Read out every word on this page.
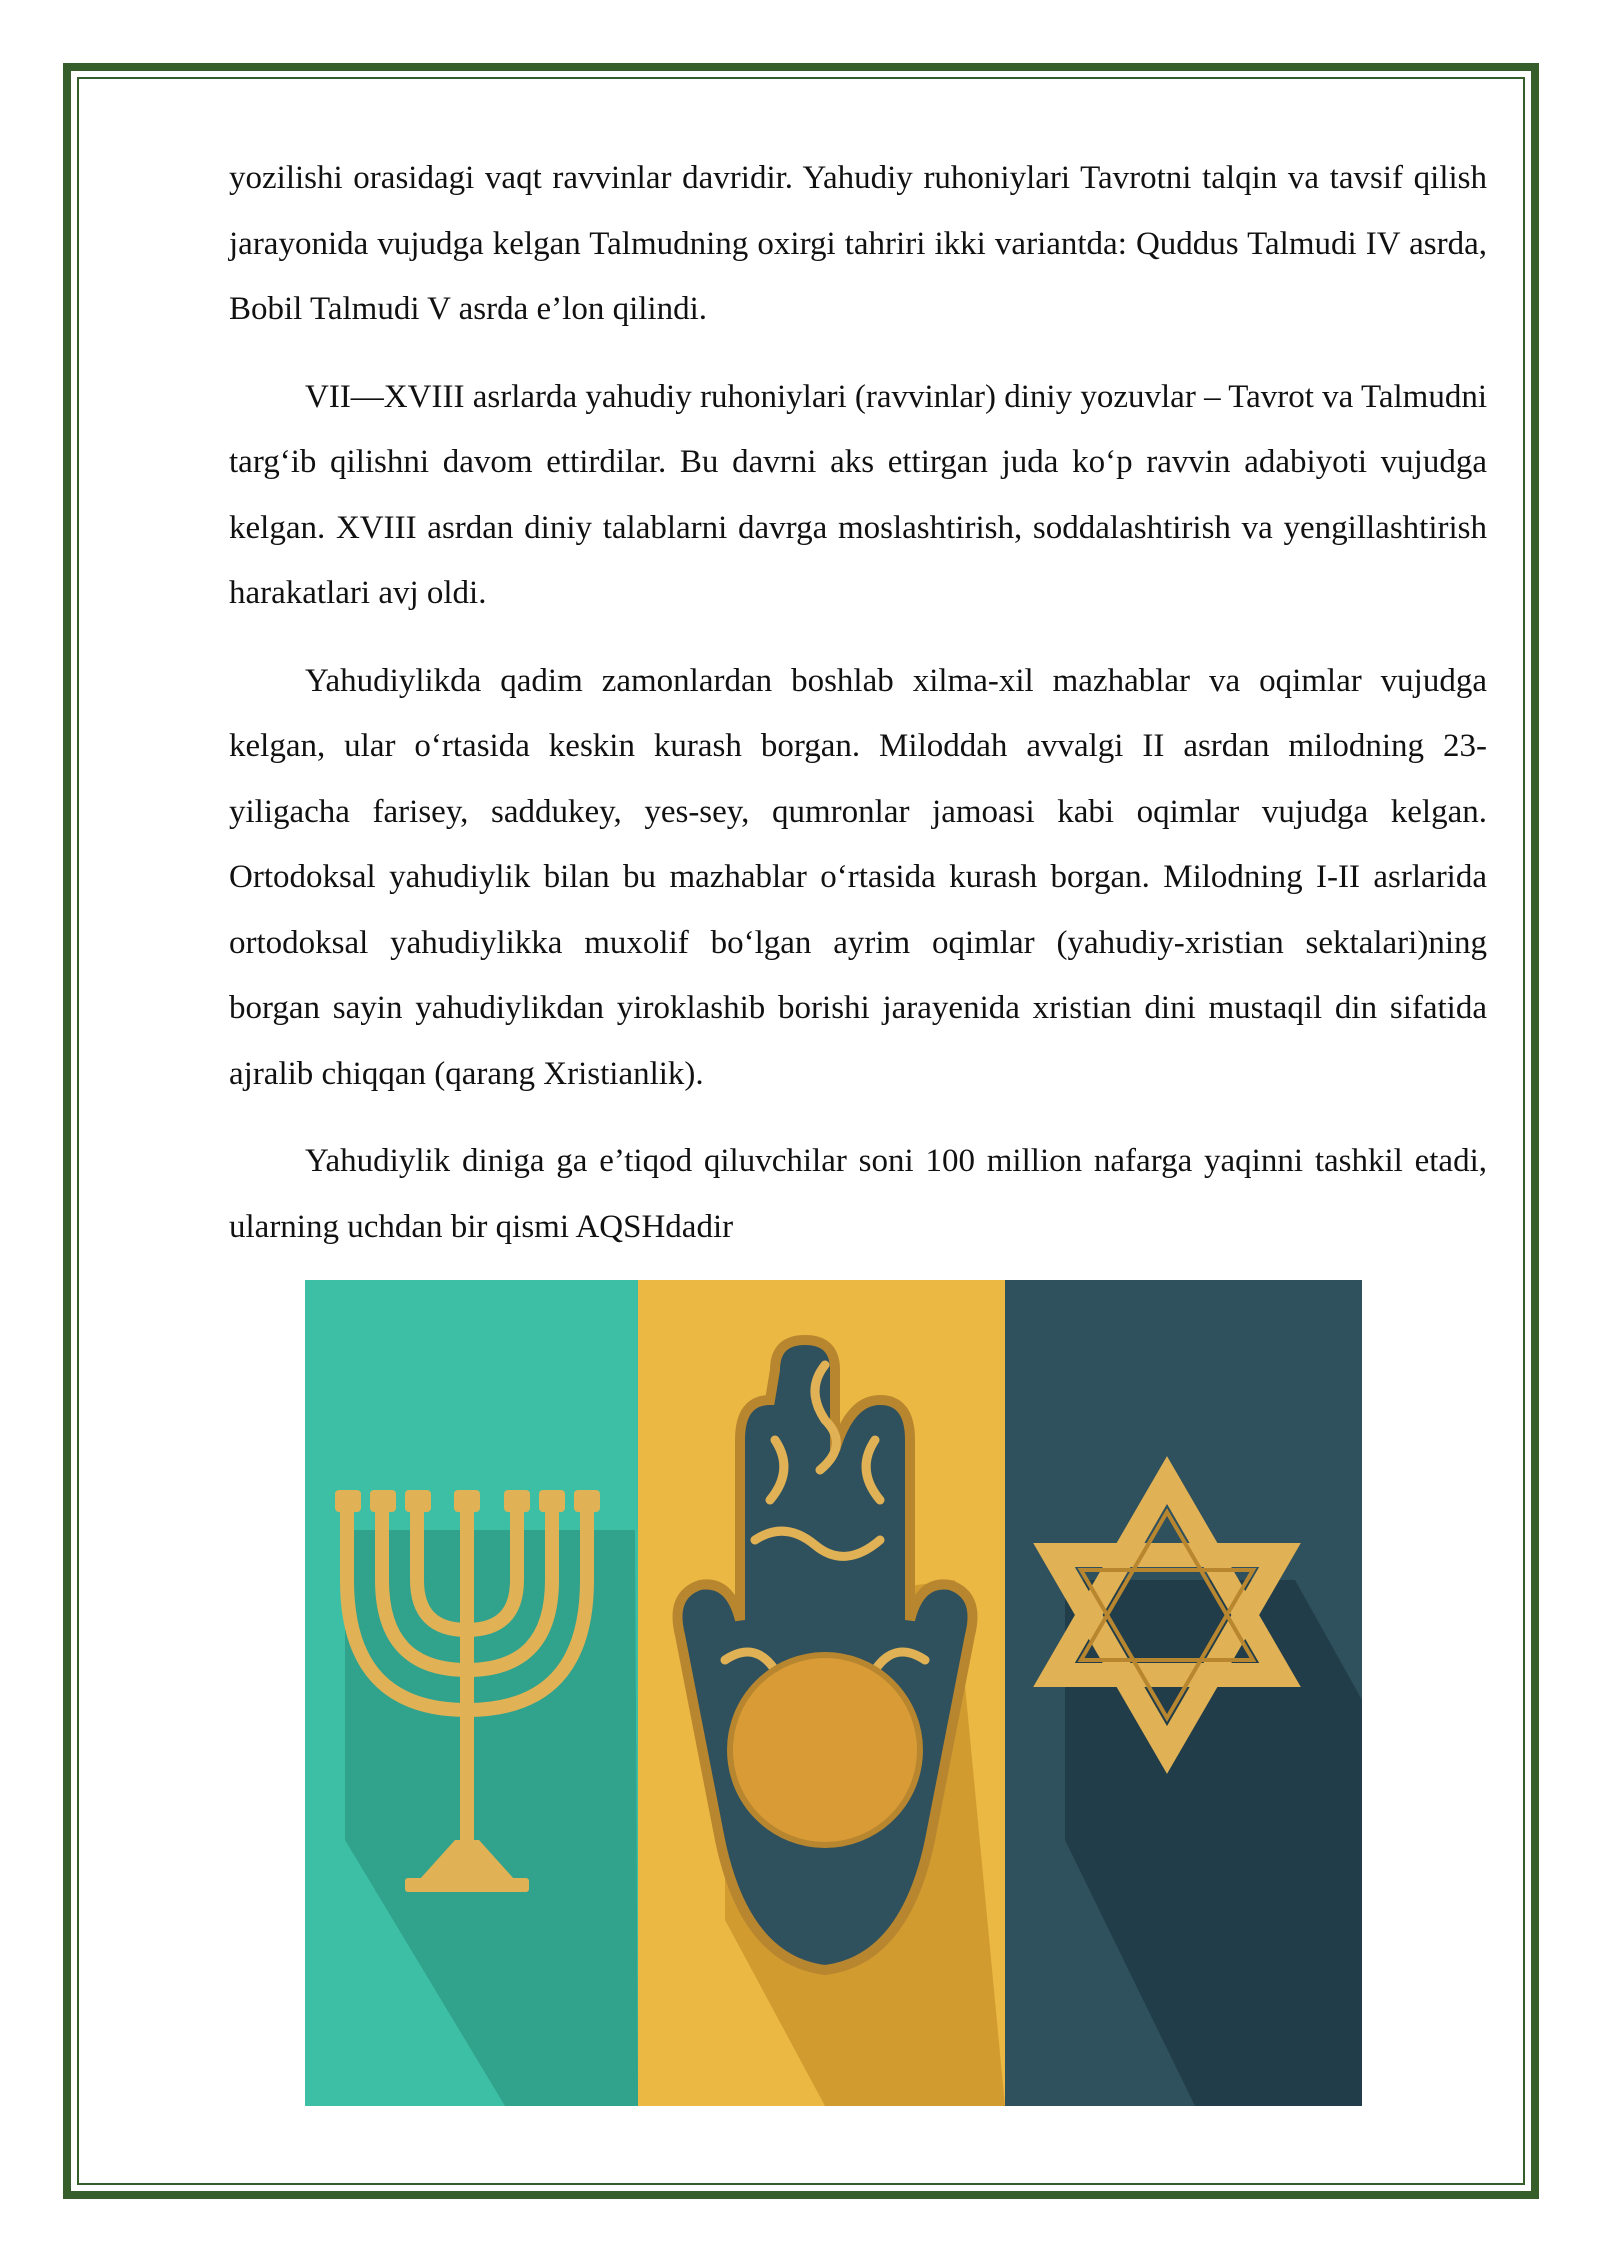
yozilishi orasidagi vaqt ravvinlar davridir. Yahudiy ruhoniylari Tavrotni talqin va tavsif qilish jarayonida vujudga kelgan Talmudning oxirgi tahriri ikki variantda: Quddus Talmudi IV asrda, Bobil Talmudi V asrda e’lon qilindi.

VII—XVIII asrlarda yahudiy ruhoniylari (ravvinlar) diniy yozuvlar – Tavrot va Talmudni targ‘ib qilishni davom ettirdilar. Bu davrni aks ettirgan juda ko‘p ravvin adabiyoti vujudga kelgan. XVIII asrdan diniy talablarni davrga moslashtirish, soddalashtirish va yengillashtirish harakatlari avj oldi.

Yahudiylikda qadim zamonlardan boshlab xilma-xil mazhablar va oqimlar vujudga kelgan, ular o‘rtasida keskin kurash borgan. Miloddah avvalgi II asrdan milodning 23-yiligacha farisey, saddukey, yes-sey, qumronlar jamoasi kabi oqimlar vujudga kelgan. Ortodoksal yahudiylik bilan bu mazhablar o‘rtasida kurash borgan. Milodning I-II asrlarida ortodoksal yahudiylikka muxolif bo‘lgan ayrim oqimlar (yahudiy-xristian sektalari)ning borgan sayin yahudiylikdan yiroklashib borishi jarayenida xristian dini mustaqil din sifatida ajralib chiqqan (qarang Xristianlik).

Yahudiylik diniga ga e’tiqod qiluvchilar soni 100 million nafarga yaqinni tashkil etadi, ularning uchdan bir qismi AQSHdadir
